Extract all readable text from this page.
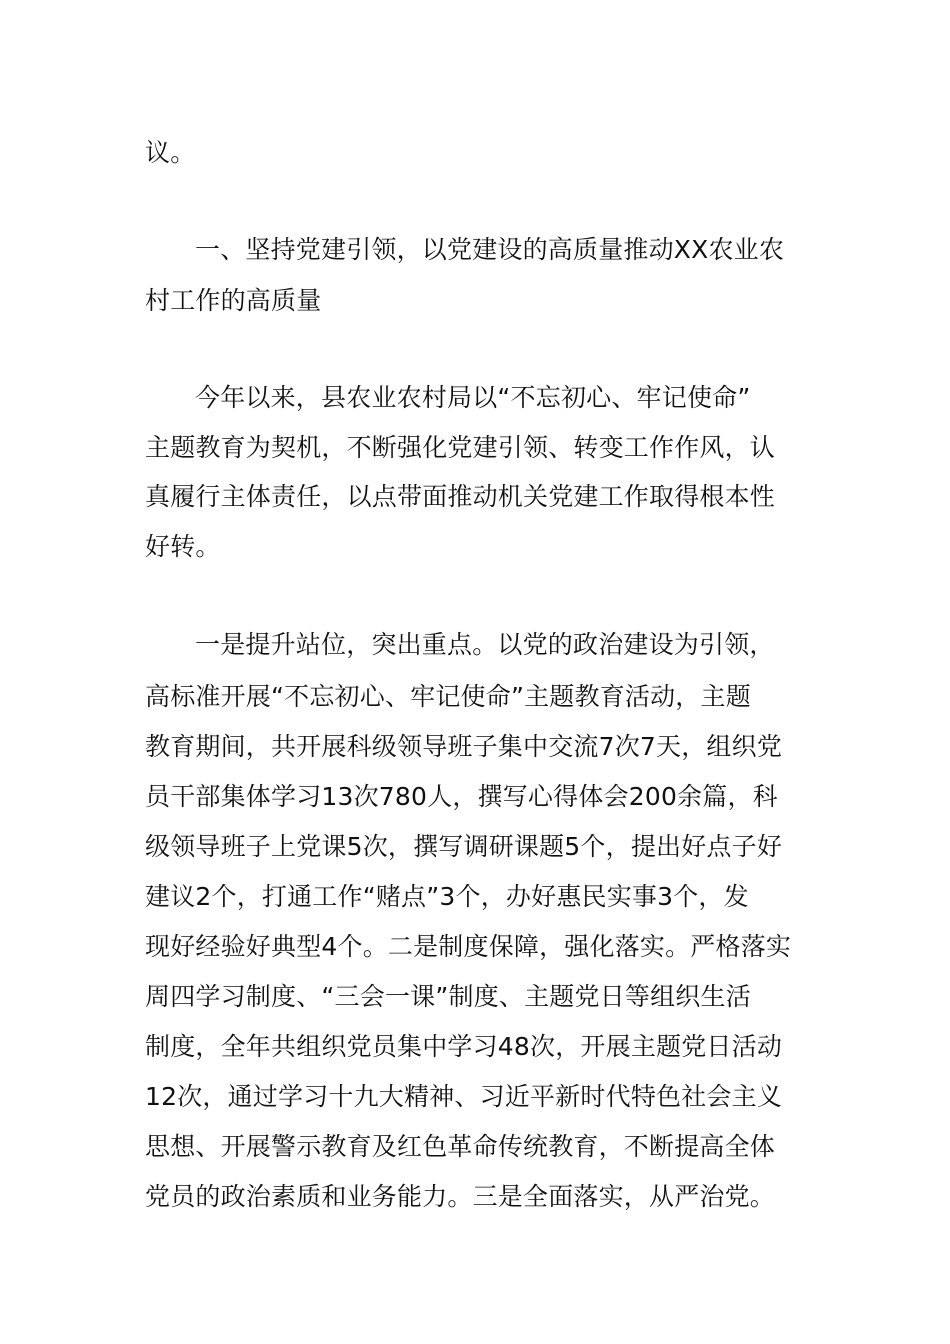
议。
一、坚持党建引领，以党建设的高质量推动XX农业农
村工作的高质量
今年以来，县农业农村局以“不忘初心、牢记使命”
主题教育为契机，不断强化党建引领、转变工作作风，认
真履行主体责任，以点带面推动机关党建工作取得根本性
好转。
一是提升站位，突出重点。以党的政治建设为引领，
高标准开展“不忘初心、牢记使命”主题教育活动，主题
教育期间，共开展科级领导班子集中交流7次7天，组织党
员干部集体学习13次780人，撰写心得体会200余篇，科
级领导班子上党课5次，撰写调研课题5个，提出好点子好
建议2个，打通工作“赌点”3个，办好惠民实事3个，发
现好经验好典型4个。二是制度保障，强化落实。严格落实
周四学习制度、“三会一课”制度、主题党日等组织生活
制度，全年共组织党员集中学习48次，开展主题党日活动
12次，通过学习十九大精神、习近平新时代特色社会主义
思想、开展警示教育及红色革命传统教育，不断提高全体
党员的政治素质和业务能力。三是全面落实，从严治党。
